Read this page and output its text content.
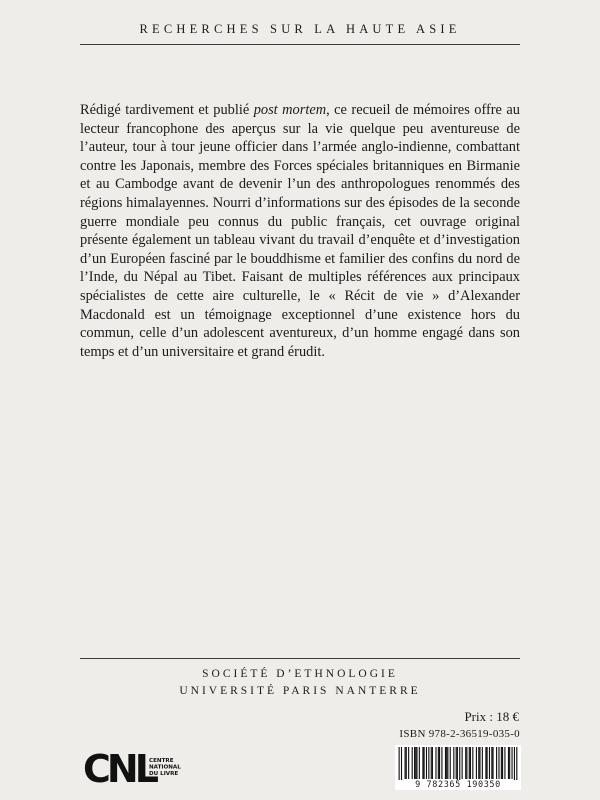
RECHERCHES SUR LA HAUTE ASIE
Rédigé tardivement et publié post mortem, ce recueil de mémoires offre au lecteur francophone des aperçus sur la vie quelque peu aventureuse de l’auteur, tour à tour jeune officier dans l’armée anglo-indienne, combattant contre les Japonais, membre des Forces spéciales britanniques en Birmanie et au Cambodge avant de devenir l’un des anthropologues renommés des régions himalayennes. Nourri d’informations sur des épisodes de la seconde guerre mondiale peu connus du public français, cet ouvrage original présente également un tableau vivant du travail d’enquête et d’investigation d’un Européen fasciné par le bouddhisme et familier des confins du nord de l’Inde, du Népal au Tibet. Faisant de multiples références aux principaux spécialistes de cette aire culturelle, le « Récit de vie » d’Alexander Macdonald est un témoignage exceptionnel d’une existence hors du commun, celle d’un adolescent aventureux, d’un homme engagé dans son temps et d’un universitaire et grand érudit.
SOCIÉTÉ D’ETHNOLOGIE
UNIVERSITÉ PARIS NANTERRE
Prix : 18 €
ISBN 978-2-36519-035-0
9 782365 190350
CNL
CENTRE
NATIONAL
DU LIVRE
